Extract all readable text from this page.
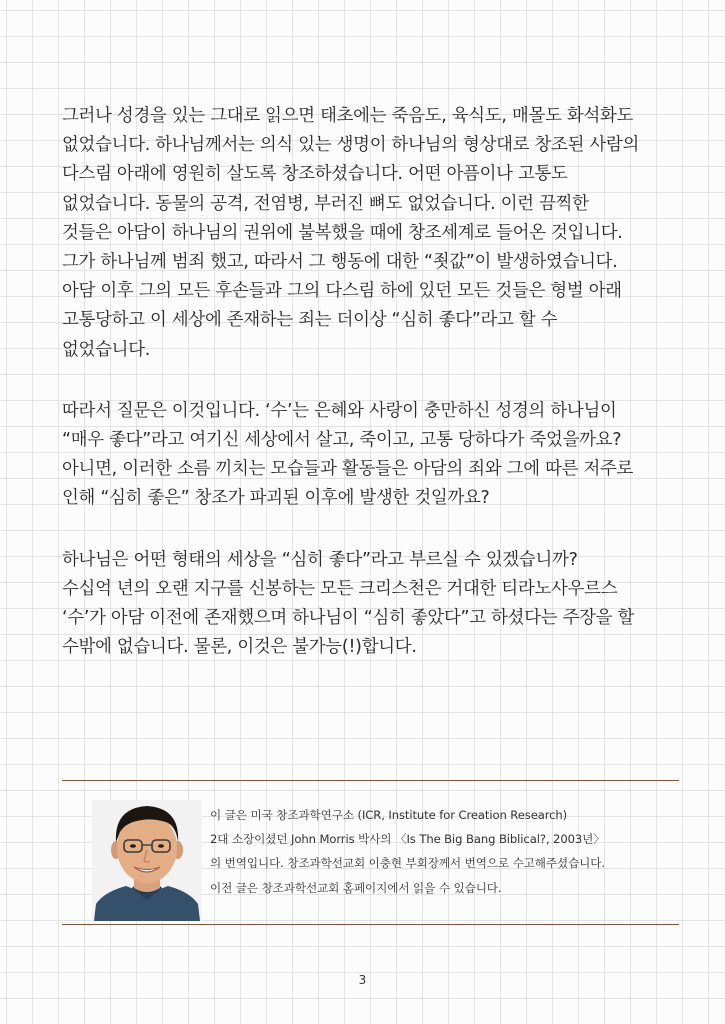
그러나 성경을 있는 그대로 읽으면 태초에는 죽음도, 육식도, 매몰도 화석화도
없었습니다. 하나님께서는 의식 있는 생명이 하나님의 형상대로 창조된 사람의
다스림 아래에 영원히 살도록 창조하셨습니다. 어떤 아픔이나 고통도
없었습니다. 동물의 공격, 전염병, 부러진 뼈도 없었습니다. 이런 끔찍한
것들은 아담이 하나님의 권위에 불복했을 때에 창조세계로 들어온 것입니다.
그가 하나님께 범죄 했고, 따라서 그 행동에 대한 “죗값”이 발생하였습니다.
아담 이후 그의 모든 후손들과 그의 다스림 하에 있던 모든 것들은 형벌 아래
고통당하고 이 세상에 존재하는 죄는 더이상 “심히 좋다”라고 할 수
없었습니다.

따라서 질문은 이것입니다. ‘수’는 은혜와 사랑이 충만하신 성경의 하나님이
“매우 좋다”라고 여기신 세상에서 살고, 죽이고, 고통 당하다가 죽었을까요?
아니면, 이러한 소름 끼치는 모습들과 활동들은 아담의 죄와 그에 따른 저주로
인해 “심히 좋은” 창조가 파괴된 이후에 발생한 것일까요?

하나님은 어떤 형태의 세상을 “심히 좋다”라고 부르실 수 있겠습니까?
수십억 년의 오랜 지구를 신봉하는 모든 크리스천은 거대한 티라노사우르스
‘수’가 아담 이전에 존재했으며 하나님이 “심히 좋았다”고 하셨다는 주장을 할
수밖에 없습니다. 물론, 이것은 불가능(!)합니다.

이 글은 미국 창조과학연구소 (ICR, Institute for Creation Research)
2대 소장이셨던 John Morris 박사의 〈Is The Big Bang Biblical?, 2003년〉
의 번역입니다. 창조과학선교회 이충현 부회장께서 번역으로 수고해주셨습니다.
이전 글은 창조과학선교회 홈페이지에서 읽을 수 있습니다.
3
